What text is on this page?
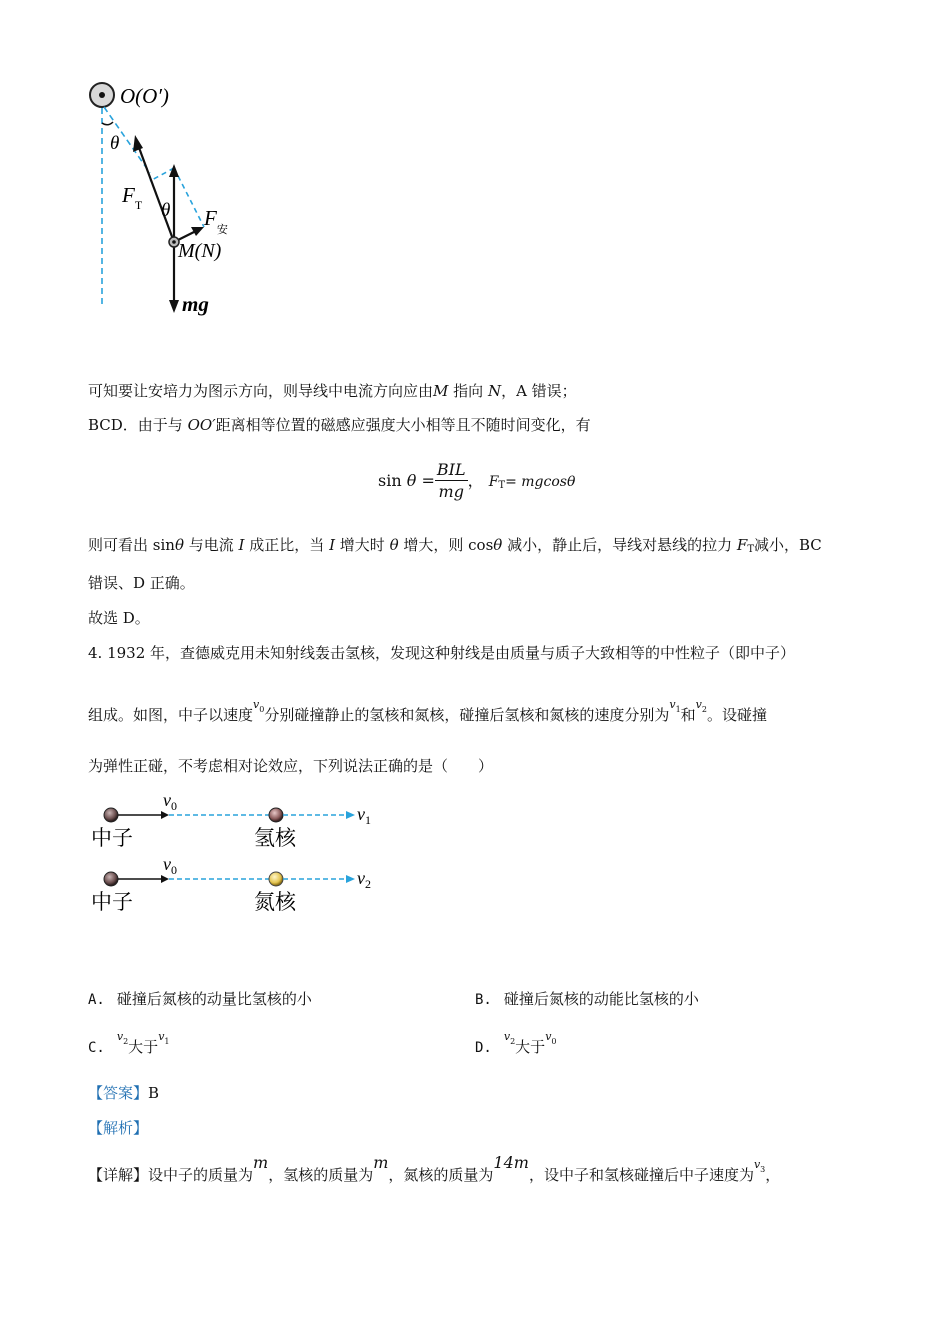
O(O′)
θ
θ
$F_T$
$F_安$
M(N)
mg
可知要让安培力为图示方向，则导线中电流方向应由M 指向 N，A 错误；
BCD．由于与 OO′距离相等位置的磁感应强度大小相等且不随时间变化，有
$\sin \theta = \frac{\text{BIL}}{mg}$ ， $F_T= mgcos\theta$
则可看出 sinθ 与电流 I 成正比，当 I 增大时 θ 增大，则 cosθ 减小，静止后，导线对悬线的拉力 $F_T$减小，BC
错误、D 正确。
故选 D。
4. 1932 年，查德威克用未知射线轰击氢核，发现这种射线是由质量与质子大致相等的中性粒子（即中子）
组成。如图，中子以速度$^{v_0}$分别碰撞静止的氢核和氮核，碰撞后氢核和氮核的速度分别为$^{v_1}$和$^{v_2}$。设碰撞
为弹性正碰，不考虑相对论效应，下列说法正确的是（　　）
$v_0$	$v_1$
中子	氢核
$v_0$	$v_2$
中子	氮核
A. 碰撞后氮核的动量比氢核的小	B. 碰撞后氮核的动能比氢核的小
C.$^{v_2}$大于$^{v_1}$	D.$^{v_2}$大于$^{v_0}$
【答案】B
【解析】
【详解】设中子的质量为m，氢核的质量为m，氮核的质量为14m，设中子和氢核碰撞后中子速度为$^{v_3}$，
